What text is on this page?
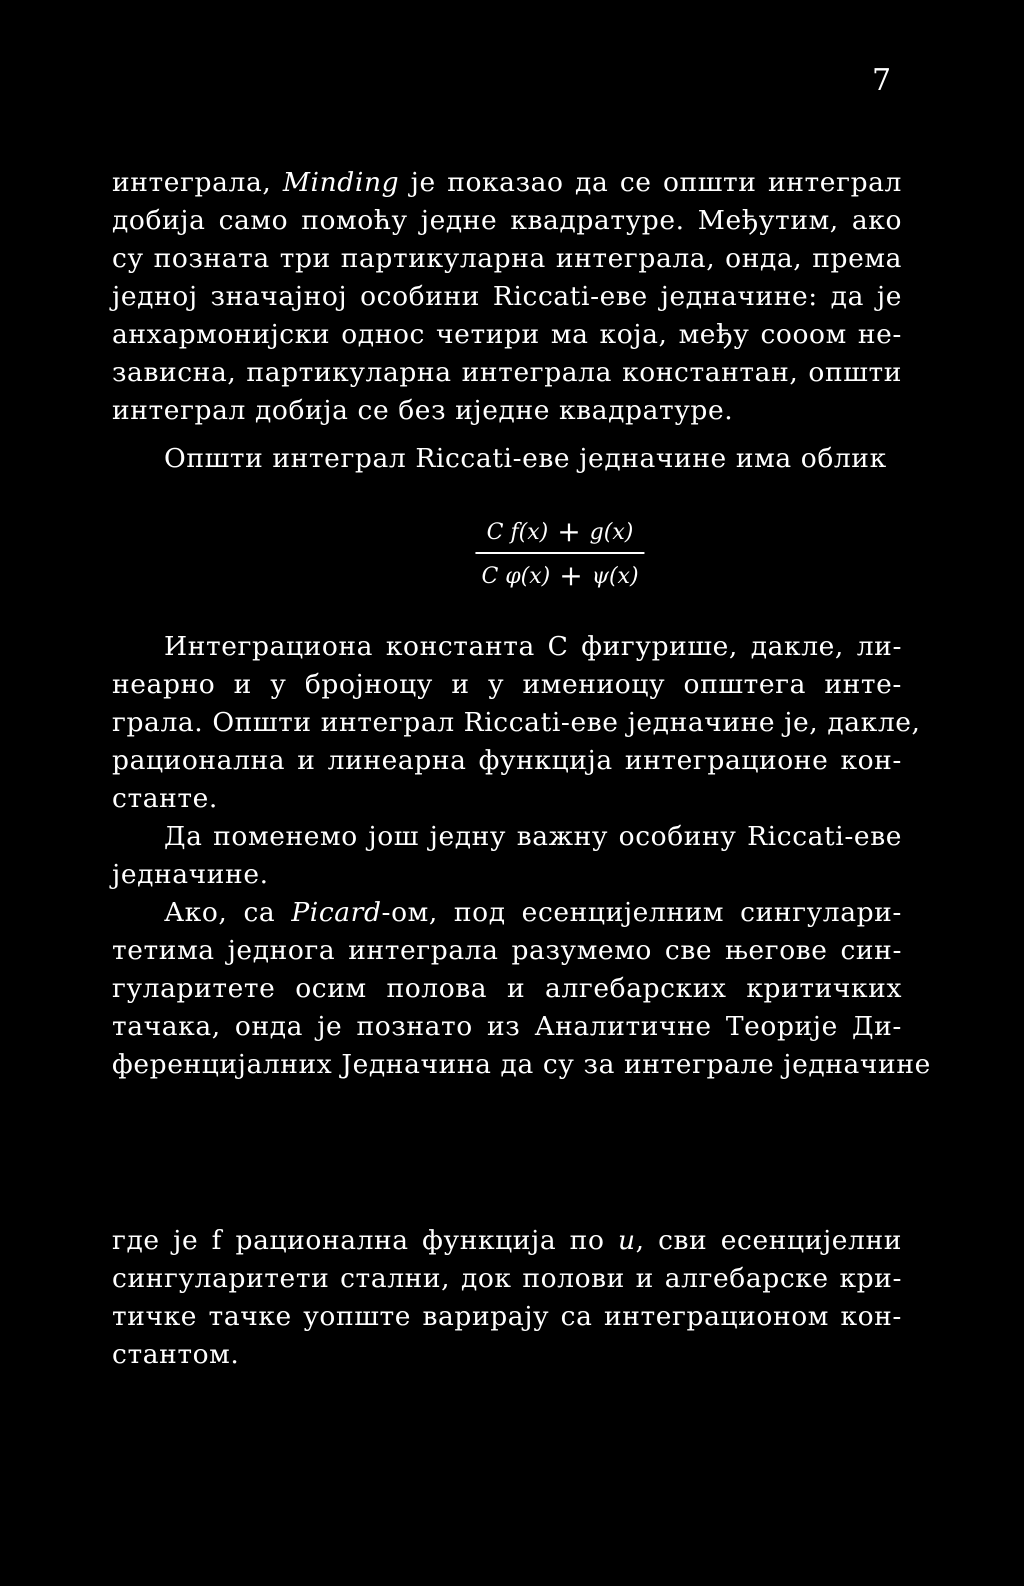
7
интеграла, Minding је показао да се општи интеграл
добија само помоћу једне квадратуре. Међутим, ако
су позната три партикуларна интеграла, онда, према
једној значајној особини Riccati-еве једначине: да је
анхармонијски однос четири ма која, међу сооом не-
зависна, партикуларна интеграла константан, општи
интеграл добија се без иједне квадратуре.
Општи интеграл Riccati-еве једначине има облик
C f(x) + g(x)
C φ(x) + ψ(x)
Интеграциона константа C фигурише, дакле, ли-
неарно и у бројноцу и у имениоцу општега инте-
грала. Општи интеграл Riccati-еве једначине је, дакле,
рационална и линеарна функција интеграционе кон-
станте.
Да поменемо још једну важну особину Riccati-еве
једначине.
Ако, са Picard-ом, под есенцијелним сингулари-
тетима једнога интеграла разумемо све његове син-
гуларитете осим полова и алгебарских критичких
тачака, онда је познато из Аналитичне Теорије Ди-
ференцијалних Једначина да су за интеграле једначине
где је f рационална функција по u, сви есенцијелни
сингуларитети стални, док полови и алгебарске кри-
тичке тачке уопште варирају са интеграционом кон-
стантом.
